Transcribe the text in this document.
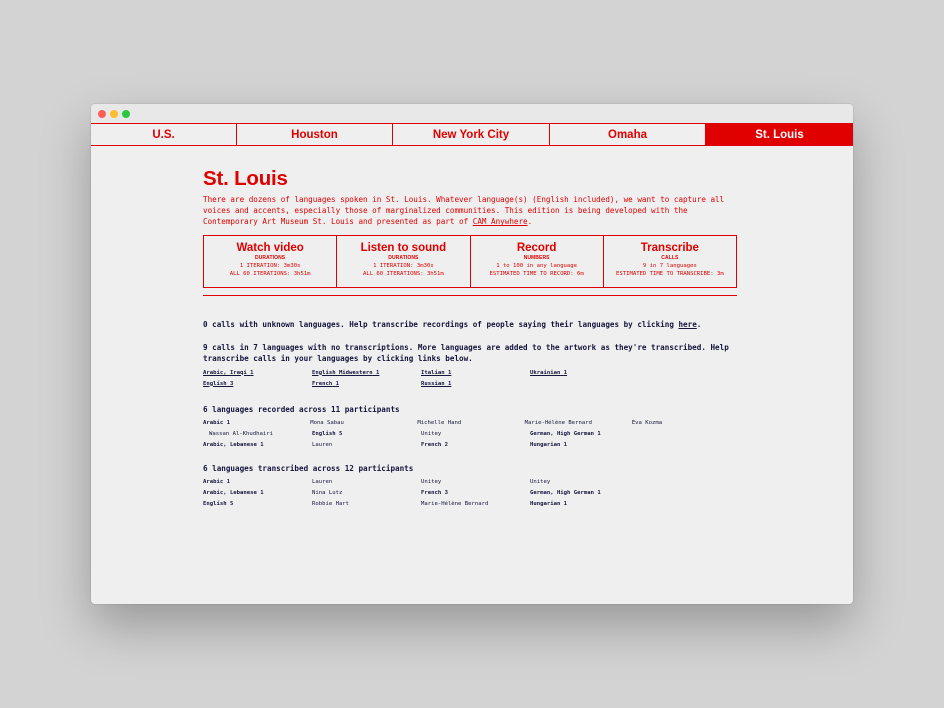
U.S.	Houston	New York City	Omaha	St. Louis
St. Louis
There are dozens of languages spoken in St. Louis. Whatever language(s) (English included), we want to capture all
voices and accents, especially those of marginalized communities. This edition is being developed with the
Contemporary Art Museum St. Louis and presented as part of CAM Anywhere.
Watch video
DURATIONS
1 ITERATION: 3m30s
ALL 60 ITERATIONS: 3h51m
Listen to sound
DURATIONS
1 ITERATION: 3m30s
ALL 60 ITERATIONS: 3h51m
Record
NUMBERS
1 to 100 in any language
ESTIMATED TIME TO RECORD: 6m
Transcribe
CALLS
9 in 7 languages
ESTIMATED TIME TO TRANSCRIBE: 3m
0 calls with unknown languages. Help transcribe recordings of people saying their languages by clicking here.
9 calls in 7 languages with no transcriptions. More languages are added to the artwork as they're transcribed. Help
transcribe calls in your languages by clicking links below.
Arabic, Iraqi 1	English Midwestern 1	Italian 1	Ukrainian 1
English 3	French 1	Russian 1
6 languages recorded across 11 participants
Arabic 1	Mona Sabau	Michelle Hand	Marie-Hélène Bernard	Eva Kozma
Wassan Al-Khudhairi	English 5	Unitey	German, High German 1
Arabic, Lebanese 1	Lauren	French 2	Hungarian 1
6 languages transcribed across 12 participants
Arabic 1	Lauren	Unitey	Unitey
Arabic, Lebanese 1	Nina Lutz	French 3	German, High German 1
English 5	Robbie Hart	Marie-Hélène Bernard	Hungarian 1
